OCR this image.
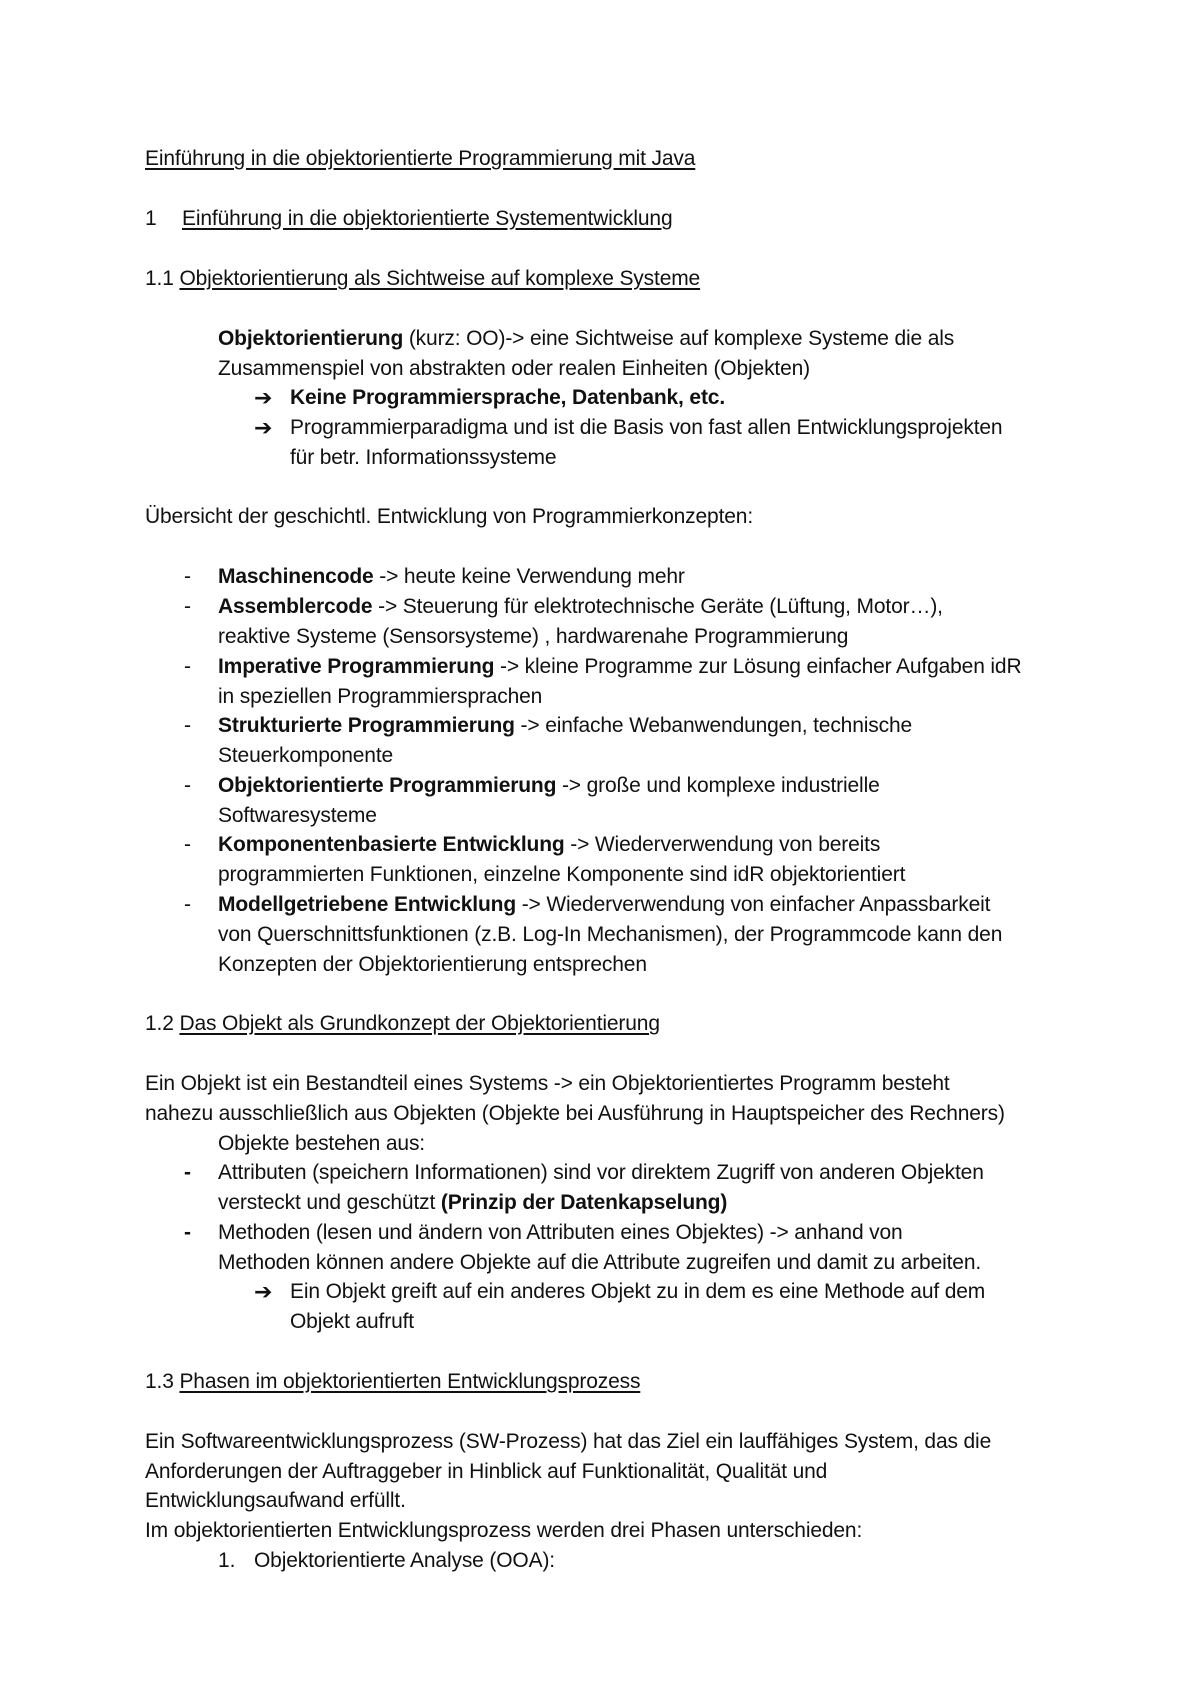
Einführung in die objektorientierte Programmierung mit Java
1 Einführung in die objektorientierte Systementwicklung
1.1 Objektorientierung als Sichtweise auf komplexe Systeme
Objektorientierung (kurz: OO)-> eine Sichtweise auf komplexe Systeme die als
Zusammenspiel von abstrakten oder realen Einheiten (Objekten)
➔ Keine Programmiersprache, Datenbank, etc.
➔ Programmierparadigma und ist die Basis von fast allen Entwicklungsprojekten
für betr. Informationssysteme
Übersicht der geschichtl. Entwicklung von Programmierkonzepten:
- Maschinencode -> heute keine Verwendung mehr
- Assemblercode -> Steuerung für elektrotechnische Geräte (Lüftung, Motor…),
reaktive Systeme (Sensorsysteme) , hardwarenahe Programmierung
- Imperative Programmierung -> kleine Programme zur Lösung einfacher Aufgaben idR
in speziellen Programmiersprachen
- Strukturierte Programmierung -> einfache Webanwendungen, technische
Steuerkomponente
- Objektorientierte Programmierung -> große und komplexe industrielle
Softwaresysteme
- Komponentenbasierte Entwicklung -> Wiederverwendung von bereits
programmierten Funktionen, einzelne Komponente sind idR objektorientiert
- Modellgetriebene Entwicklung -> Wiederverwendung von einfacher Anpassbarkeit
von Querschnittsfunktionen (z.B. Log-In Mechanismen), der Programmcode kann den
Konzepten der Objektorientierung entsprechen
1.2 Das Objekt als Grundkonzept der Objektorientierung
Ein Objekt ist ein Bestandteil eines Systems -> ein Objektorientiertes Programm besteht
nahezu ausschließlich aus Objekten (Objekte bei Ausführung in Hauptspeicher des Rechners)
Objekte bestehen aus:
- Attributen (speichern Informationen) sind vor direktem Zugriff von anderen Objekten
versteckt und geschützt (Prinzip der Datenkapselung)
- Methoden (lesen und ändern von Attributen eines Objektes) -> anhand von
Methoden können andere Objekte auf die Attribute zugreifen und damit zu arbeiten.
➔ Ein Objekt greift auf ein anderes Objekt zu in dem es eine Methode auf dem
Objekt aufruft
1.3 Phasen im objektorientierten Entwicklungsprozess
Ein Softwareentwicklungsprozess (SW-Prozess) hat das Ziel ein lauffähiges System, das die
Anforderungen der Auftraggeber in Hinblick auf Funktionalität, Qualität und
Entwicklungsaufwand erfüllt.
Im objektorientierten Entwicklungsprozess werden drei Phasen unterschieden:
1. Objektorientierte Analyse (OOA):
